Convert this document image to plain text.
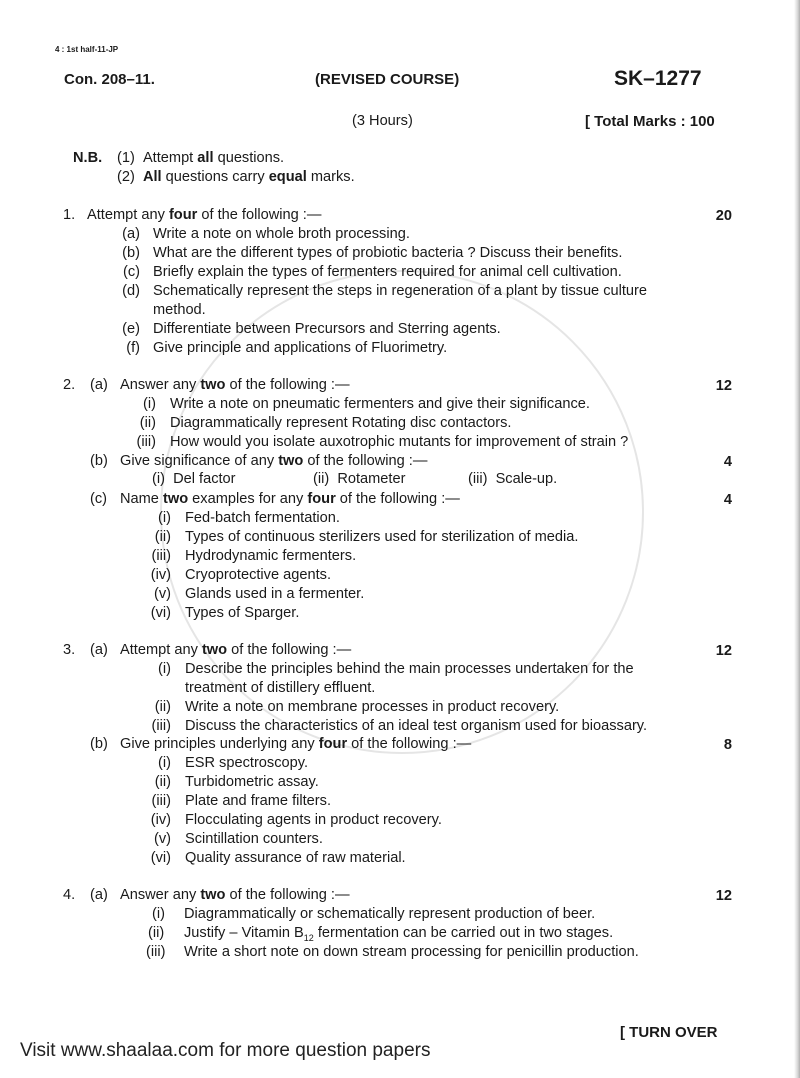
4 : 1st half-11-JP
Con. 208–11.	(REVISED COURSE)	SK–1277
(3 Hours)	[ Total Marks : 100
N.B. (1) Attempt all questions.
(2) All questions carry equal marks.
1. Attempt any four of the following :—	20
(a) Write a note on whole broth processing.
(b) What are the different types of probiotic bacteria ? Discuss their benefits.
(c) Briefly explain the types of fermenters required for animal cell cultivation.
(d) Schematically represent the steps in regeneration of a plant by tissue culture
method.
(e) Differentiate between Precursors and Sterring agents.
(f) Give principle and applications of Fluorimetry.
2. (a) Answer any two of the following :—	12
(i) Write a note on pneumatic fermenters and give their significance.
(ii) Diagrammatically represent Rotating disc contactors.
(iii) How would you isolate auxotrophic mutants for improvement of strain ?
(b) Give significance of any two of the following :—	4
(i) Del factor	(ii) Rotameter	(iii) Scale-up.
(c) Name two examples for any four of the following :—	4
(i) Fed-batch fermentation.
(ii) Types of continuous sterilizers used for sterilization of media.
(iii) Hydrodynamic fermenters.
(iv) Cryoprotective agents.
(v) Glands used in a fermenter.
(vi) Types of Sparger.
3. (a) Attempt any two of the following :—	12
(i) Describe the principles behind the main processes undertaken for the
treatment of distillery effluent.
(ii) Write a note on membrane processes in product recovery.
(iii) Discuss the characteristics of an ideal test organism used for bioassary.
(b) Give principles underlying any four of the following :—	8
(i) ESR spectroscopy.
(ii) Turbidometric assay.
(iii) Plate and frame filters.
(iv) Flocculating agents in product recovery.
(v) Scintillation counters.
(vi) Quality assurance of raw material.
4. (a) Answer any two of the following :—	12
(i) Diagrammatically or schematically represent production of beer.
(ii) Justify – Vitamin $B_{12}$ fermentation can be carried out in two stages.
(iii) Write a short note on down stream processing for penicillin production.
[ TURN OVER
Visit www.shaalaa.com for more question papers
